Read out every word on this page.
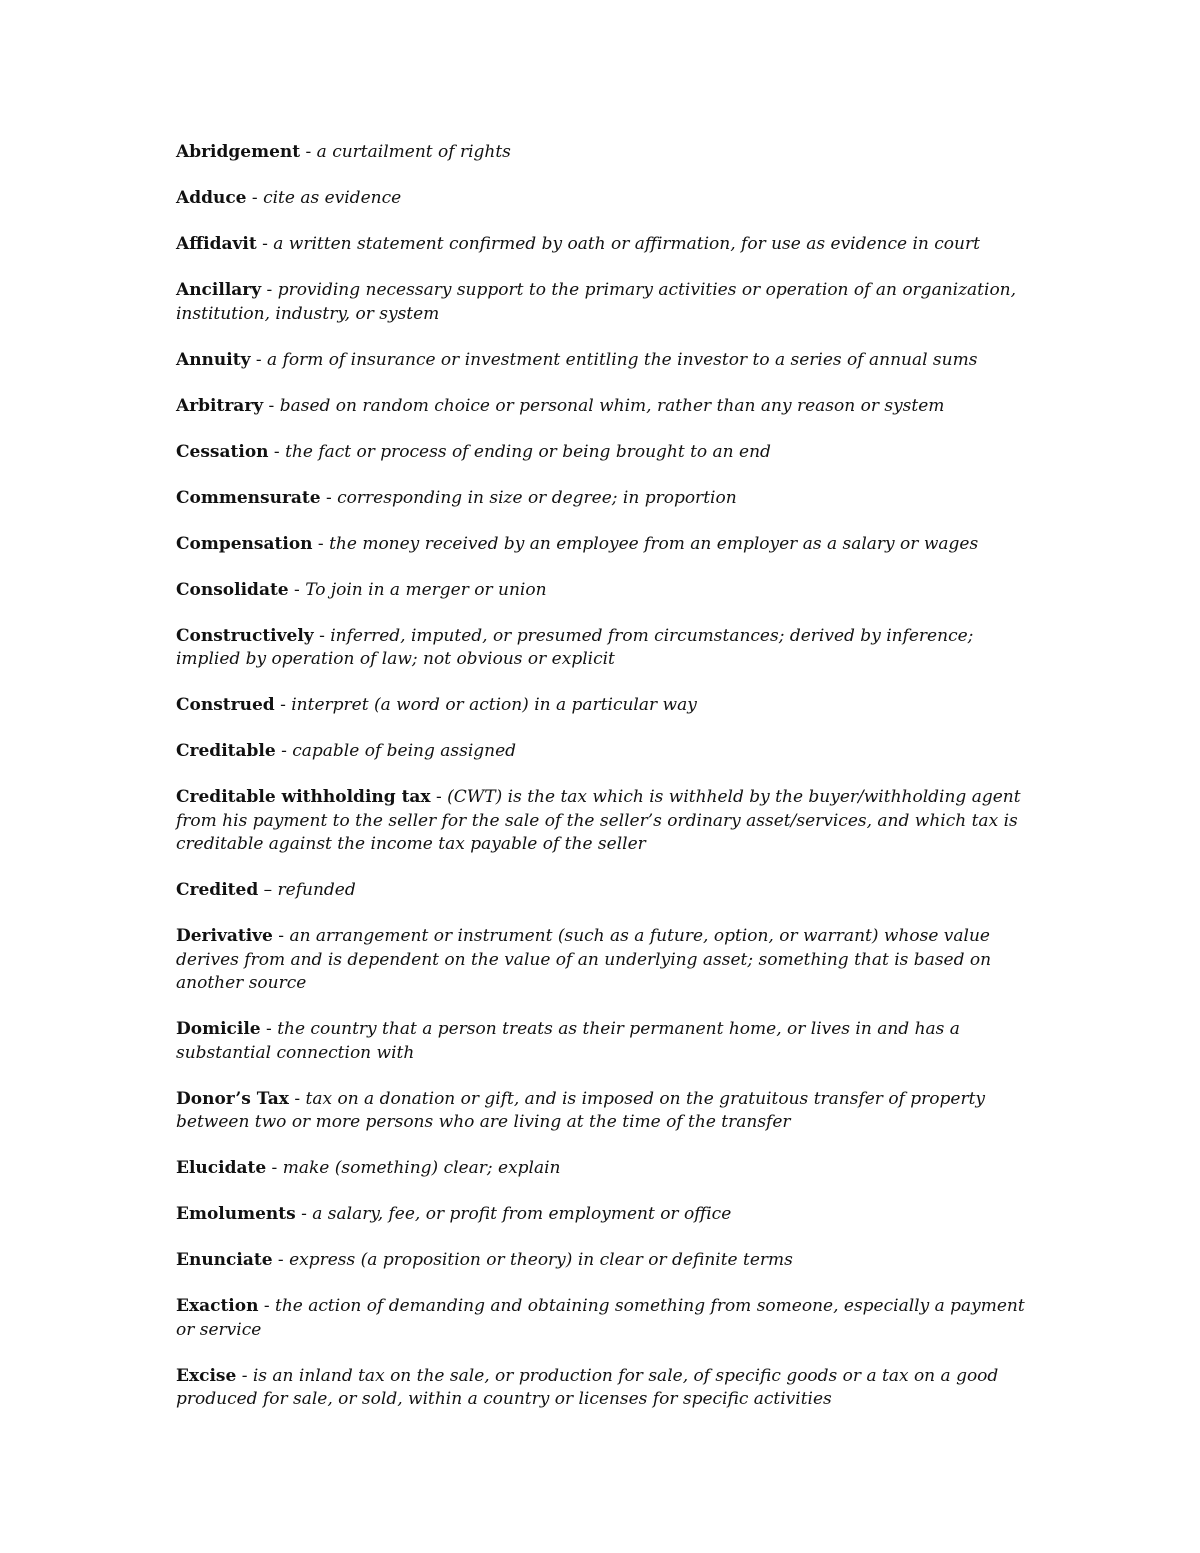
Abridgement - a curtailment of rights

Adduce - cite as evidence

Affidavit - a written statement confirmed by oath or affirmation, for use as evidence in court

Ancillary - providing necessary support to the primary activities or operation of an organization, institution, industry, or system

Annuity - a form of insurance or investment entitling the investor to a series of annual sums

Arbitrary - based on random choice or personal whim, rather than any reason or system

Cessation - the fact or process of ending or being brought to an end

Commensurate - corresponding in size or degree; in proportion

Compensation - the money received by an employee from an employer as a salary or wages

Consolidate - To join in a merger or union

Constructively - inferred, imputed, or presumed from circumstances; derived by inference; implied by operation of law; not obvious or explicit

Construed - interpret (a word or action) in a particular way

Creditable - capable of being assigned

Creditable withholding tax - (CWT) is the tax which is withheld by the buyer/withholding agent from his payment to the seller for the sale of the seller’s ordinary asset/services, and which tax is creditable against the income tax payable of the seller

Credited – refunded

Derivative - an arrangement or instrument (such as a future, option, or warrant) whose value derives from and is dependent on the value of an underlying asset; something that is based on another source

Domicile - the country that a person treats as their permanent home, or lives in and has a substantial connection with

Donor’s Tax - tax on a donation or gift, and is imposed on the gratuitous transfer of property between two or more persons who are living at the time of the transfer

Elucidate - make (something) clear; explain

Emoluments - a salary, fee, or profit from employment or office

Enunciate - express (a proposition or theory) in clear or definite terms

Exaction - the action of demanding and obtaining something from someone, especially a payment or service

Excise - is an inland tax on the sale, or production for sale, of specific goods or a tax on a good produced for sale, or sold, within a country or licenses for specific activities
